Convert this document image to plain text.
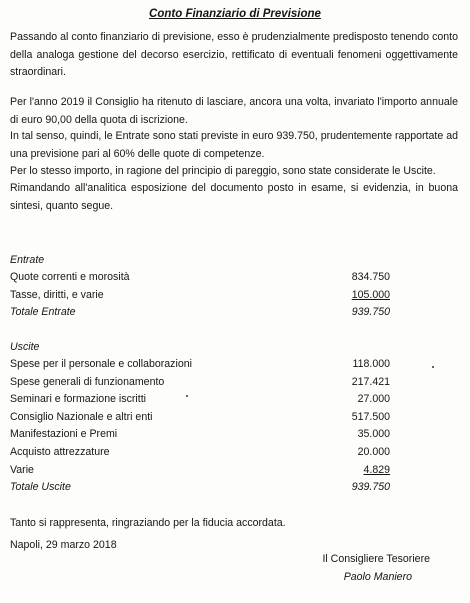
Conto Finanziario di Previsione

Passando al conto finanziario di previsione, esso è prudenzialmente predisposto tenendo conto della analoga gestione del decorso esercizio, rettificato di eventuali fenomeni oggettivamente straordinari.

Per l'anno 2019 il Consiglio ha ritenuto di lasciare, ancora una volta, invariato l'importo annuale di euro 90,00 della quota di iscrizione.

In tal senso, quindi, le Entrate sono stati previste in euro 939.750, prudentemente rapportate ad una previsione pari al 60% delle quote di competenze.

Per lo stesso importo, in ragione del principio di pareggio, sono state considerate le Uscite.

Rimandando all'analitica esposizione del documento posto in esame, si evidenzia, in buona sintesi, quanto segue.

Entrate
Quote correnti e morosità	834.750
Tasse, diritti, e varie	105.000
Totale Entrate	939.750
Uscite
Spese per il personale e collaborazioni	118.000
Spese generali di funzionamento	217.421
Seminari e formazione iscritti	27.000
Consiglio Nazionale e altri enti	517.500
Manifestazioni e Premi	35.000
Acquisto attrezzature	20.000
Varie	4.829
Totale Uscite	939.750
Tanto si rappresenta, ringraziando per la fiducia accordata.
Napoli, 29 marzo 2018
Il Consigliere Tesoriere
Paolo Maniero
